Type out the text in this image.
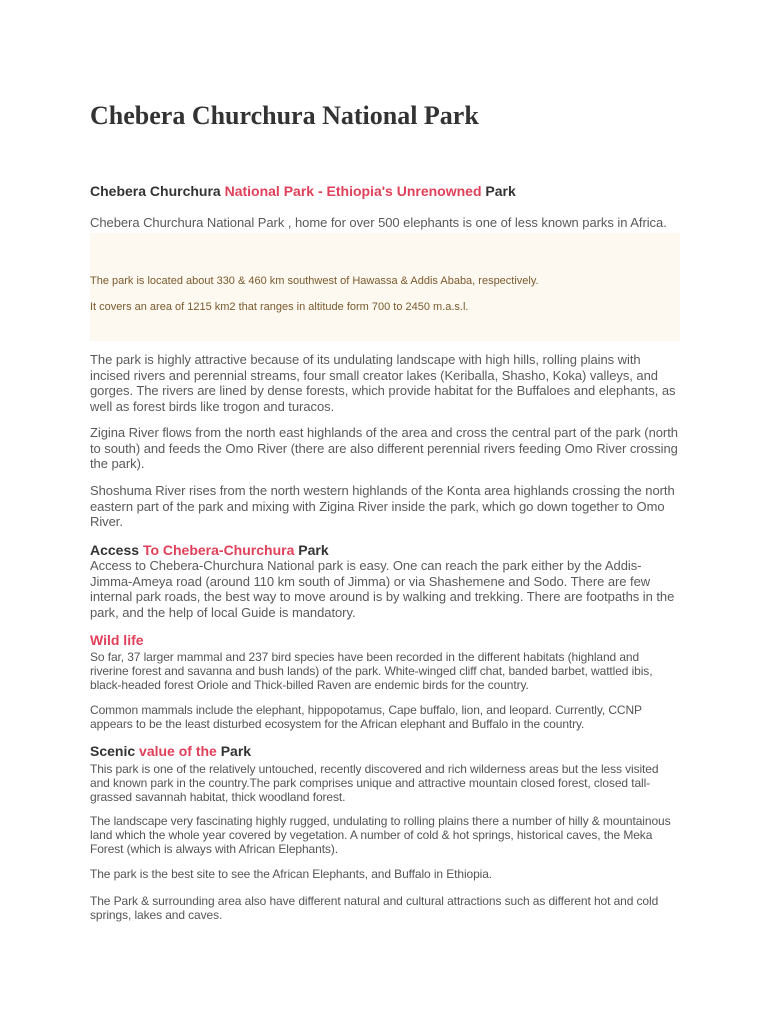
Chebera Churchura National Park
Chebera Churchura National Park - Ethiopia's Unrenowned Park

Chebera Churchura National Park , home for over 500 elephants is one of less known parks in Africa.

The park is located about 330 & 460 km southwest of Hawassa & Addis Ababa, respectively.

It covers an area of 1215 km2 that ranges in altitude form 700 to 2450 m.a.s.l.

The park is highly attractive because of its undulating landscape with high hills, rolling plains with incised rivers and perennial streams, four small creator lakes (Keriballa, Shasho, Koka) valleys, and gorges. The rivers are lined by dense forests, which provide habitat for the Buffaloes and elephants, as well as forest birds like trogon and turacos.

Zigina River flows from the north east highlands of the area and cross the central part of the park (north to south) and feeds the Omo River (there are also different perennial rivers feeding Omo River crossing the park).

Shoshuma River rises from the north western highlands of the Konta area highlands crossing the north eastern part of the park and mixing with Zigina River inside the park, which go down together to Omo River.

Access To Chebera-Churchura Park

Access to Chebera-Churchura National park is easy. One can reach the park either by the Addis-Jimma-Ameya road (around 110 km south of Jimma) or via Shashemene and Sodo. There are few internal park roads, the best way to move around is by walking and trekking. There are footpaths in the park, and the help of local Guide is mandatory.

Wild life

So far, 37 larger mammal and 237 bird species have been recorded in the different habitats (highland and riverine forest and savanna and bush lands) of the park. White-winged cliff chat, banded barbet, wattled ibis, black-headed forest Oriole and Thick-billed Raven are endemic birds for the country.

Common mammals include the elephant, hippopotamus, Cape buffalo, lion, and leopard. Currently, CCNP appears to be the least disturbed ecosystem for the African elephant and Buffalo in the country.

Scenic value of the Park

This park is one of the relatively untouched, recently discovered and rich wilderness areas but the less visited and known park in the country.The park comprises unique and attractive mountain closed forest, closed tall-grassed savannah habitat, thick woodland forest.

The landscape very fascinating highly rugged, undulating to rolling plains there a number of hilly & mountainous land which the whole year covered by vegetation. A number of cold & hot springs, historical caves, the Meka Forest (which is always with African Elephants).

The park is the best site to see the African Elephants, and Buffalo in Ethiopia.

The Park & surrounding area also have different natural and cultural attractions such as different hot and cold springs, lakes and caves.
